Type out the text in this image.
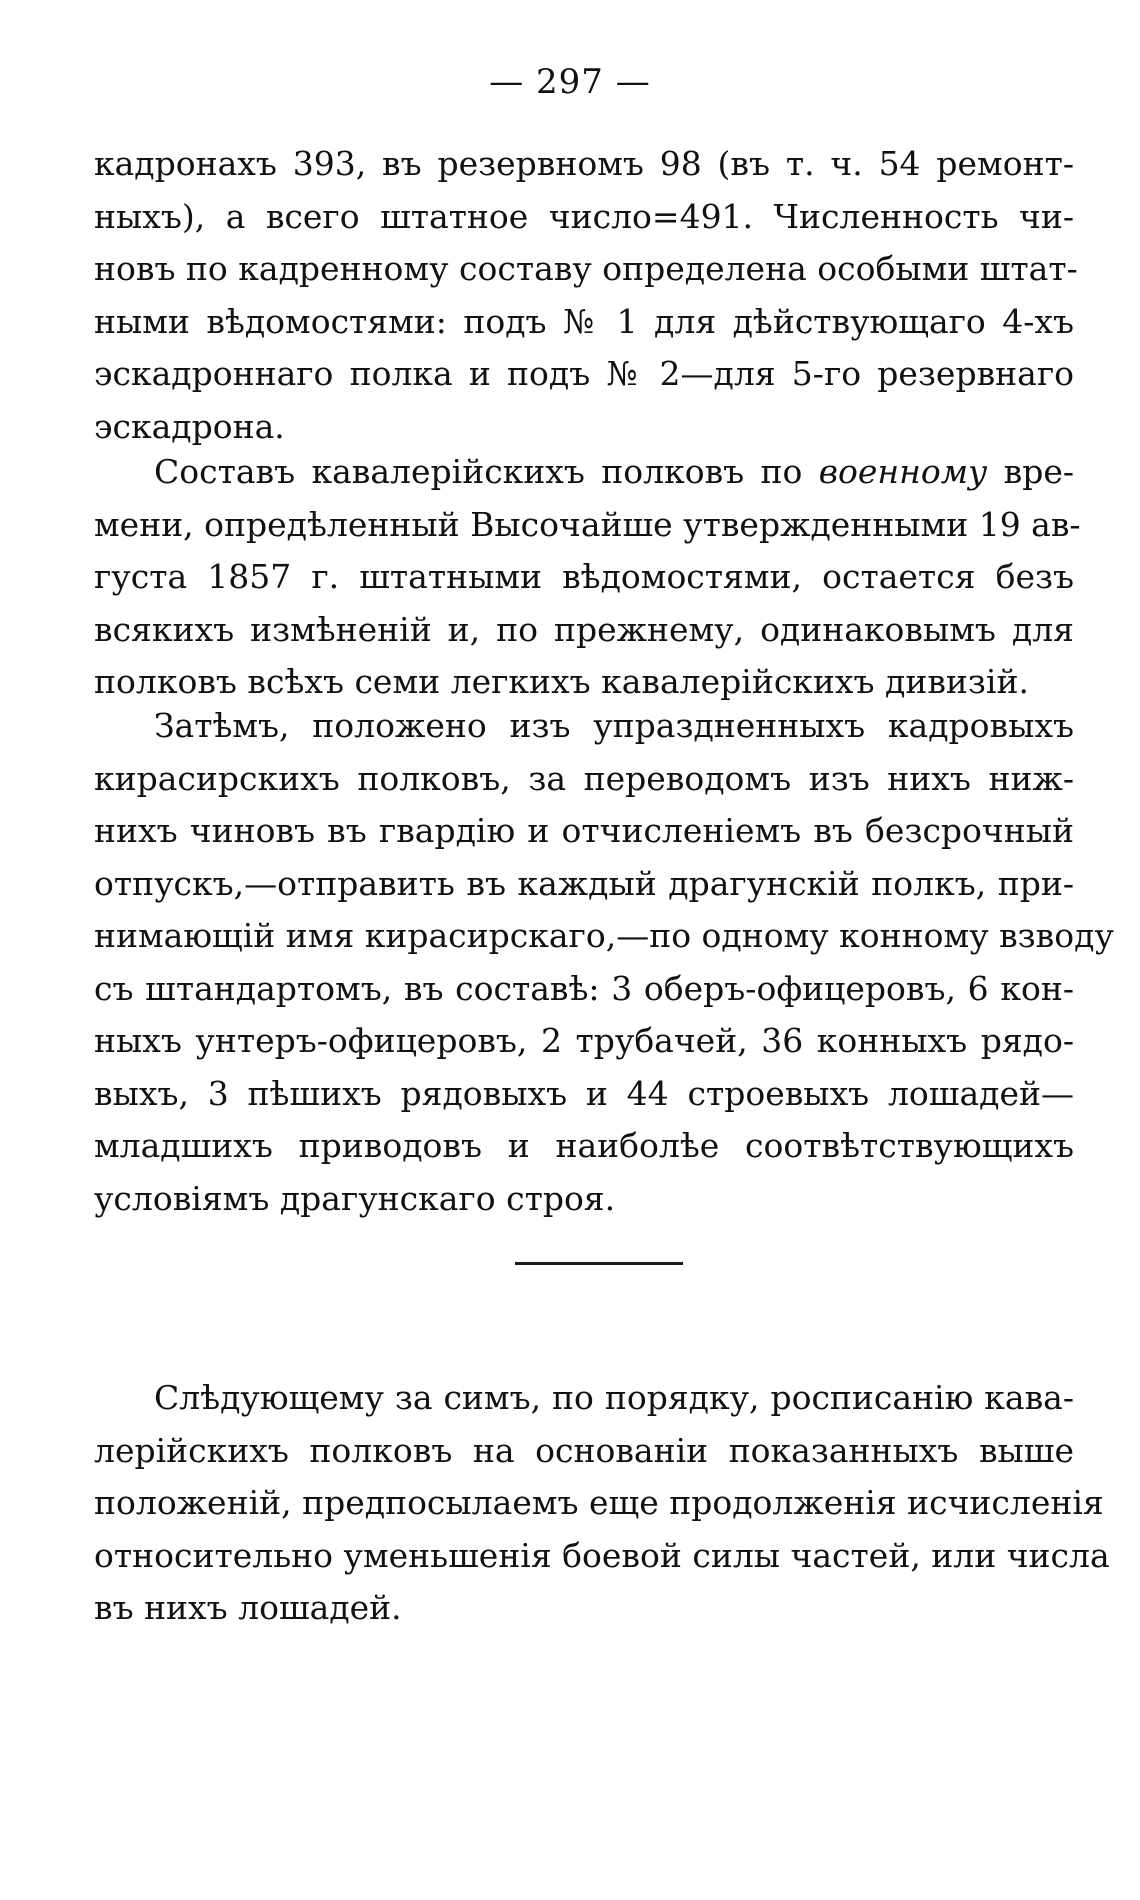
— 297 —
кадронахъ 393, въ резервномъ 98 (въ т. ч. 54 ремонт-
ныхъ), а всего штатное число=491. Численность чи-
новъ по кадренному составу определена особыми штат-
ными вѣдомостями: подъ № 1 для дѣйствующаго 4-хъ
эскадроннаго полка и подъ № 2—для 5-го резервнаго
эскадрона.
Составъ кавалерійскихъ полковъ по военному вре-
мени, опредѣленный Высочайше утвержденными 19 ав-
густа 1857 г. штатными вѣдомостями, остается безъ
всякихъ измѣненій и, по прежнему, одинаковымъ для
полковъ всѣхъ семи легкихъ кавалерійскихъ дивизій.
Затѣмъ, положено изъ упраздненныхъ кадровыхъ
кирасирскихъ полковъ, за переводомъ изъ нихъ ниж-
нихъ чиновъ въ гвардію и отчисленіемъ въ безсрочный
отпускъ,—отправить въ каждый драгунскій полкъ, при-
нимающій имя кирасирскаго,—по одному конному взводу
съ штандартомъ, въ составѣ: 3 оберъ-офицеровъ, 6 кон-
ныхъ унтеръ-офицеровъ, 2 трубачей, 36 конныхъ рядо-
выхъ, 3 пѣшихъ рядовыхъ и 44 строевыхъ лошадей—
младшихъ приводовъ и наиболѣе соотвѣтствующихъ
условіямъ драгунскаго строя.
Слѣдующему за симъ, по порядку, росписанію кава-
лерійскихъ полковъ на основаніи показанныхъ выше
положеній, предпосылаемъ еще продолженія исчисленія
относительно уменьшенія боевой силы частей, или числа
въ нихъ лошадей.
